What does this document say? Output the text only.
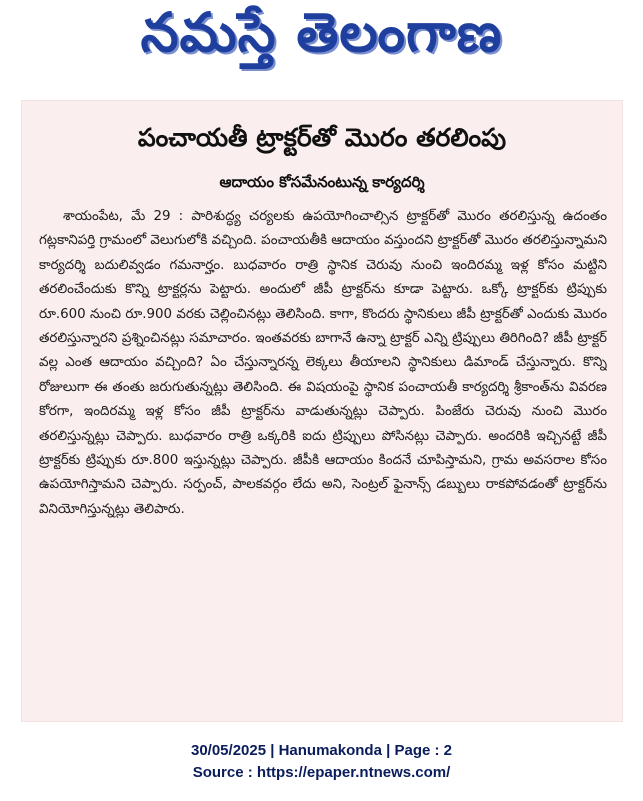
నమస్తే తెలంగాణ
పంచాయతీ ట్రాక్టర్‌తో మొరం తరలింపు
ఆదాయం కోసమేనంటున్న కార్యదర్శి

శాయంపేట, మే 29 : పారిశుద్ధ్య చర్యలకు ఉపయోగించాల్సిన ట్రాక్టర్‌తో మొరం తరలిస్తున్న ఉదంతం గట్లకానిపర్తి గ్రామంలో వెలుగులోకి వచ్చింది. పంచాయతీకి ఆదాయం వస్తుందని ట్రాక్టర్‌తో మొరం తరలిస్తున్నామని కార్యదర్శి బదులివ్వడం గమనార్హం. బుధవారం రాత్రి స్థానిక చెరువు నుంచి ఇందిరమ్మ ఇళ్ల కోసం మట్టిని తరలించేందుకు కొన్ని ట్రాక్టర్లను పెట్టారు. అందులో జీపీ ట్రాక్టర్‌ను కూడా పెట్టారు. ఒక్కో ట్రాక్టర్‌కు ట్రిప్పుకు రూ.600 నుంచి రూ.900 వరకు చెల్లించినట్లు తెలిసింది. కాగా, కొందరు స్థానికులు జీపీ ట్రాక్టర్‌తో ఎందుకు మొరం తరలిస్తున్నారని ప్రశ్నించినట్లు సమాచారం. ఇంతవరకు బాగానే ఉన్నా ట్రాక్టర్ ఎన్ని ట్రిప్పులు తిరిగింది? జీపీ ట్రాక్టర్ వల్ల ఎంత ఆదాయం వచ్చింది? ఏం చేస్తున్నారన్న లెక్కలు తీయాలని స్థానికులు డిమాండ్ చేస్తున్నారు. కొన్ని రోజులుగా ఈ తంతు జరుగుతున్నట్లు తెలిసింది. ఈ విషయంపై స్థానిక పంచాయతీ కార్యదర్శి శ్రీకాంత్‌ను వివరణ కోరగా, ఇందిరమ్మ ఇళ్ల కోసం జీపీ ట్రాక్టర్‌ను వాడుతున్నట్లు చెప్పారు. పింజేరు చెరువు నుంచి మొరం తరలిస్తున్నట్లు చెప్పారు. బుధవారం రాత్రి ఒక్కరికి ఐదు ట్రిప్పులు పోసినట్లు చెప్పారు. అందరికి ఇచ్చినట్టే జీపీ ట్రాక్టర్‌కు ట్రిప్పుకు రూ.800 ఇస్తున్నట్లు చెప్పారు. జీపీకి ఆదాయం కిందనే చూపిస్తామని, గ్రామ అవసరాల కోసం ఉపయోగిస్తామని చెప్పారు. సర్పంచ్, పాలకవర్గం లేదు అని, సెంట్రల్ ఫైనాన్స్ డబ్బులు రాకపోవడంతో ట్రాక్టర్‌ను వినియోగిస్తున్నట్లు తెలిపారు.

30/05/2025 | Hanumakonda | Page : 2
Source : https://epaper.ntnews.com/
